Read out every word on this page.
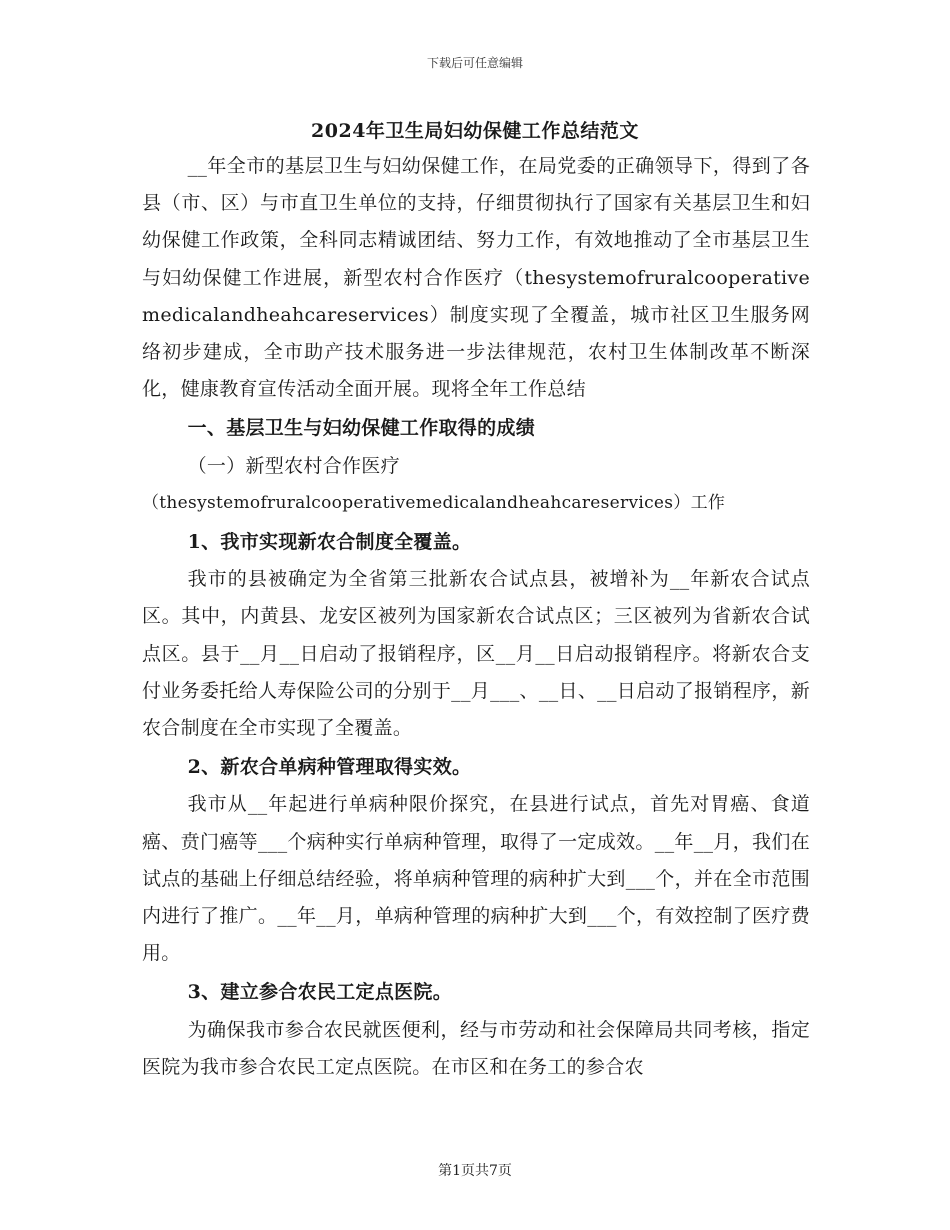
下载后可任意编辑
2024年卫生局妇幼保健工作总结范文

__年全市的基层卫生与妇幼保健工作，在局党委的正确领导下，得到了各县（市、区）与市直卫生单位的支持，仔细贯彻执行了国家有关基层卫生和妇幼保健工作政策，全科同志精诚团结、努力工作，有效地推动了全市基层卫生与妇幼保健工作进展，新型农村合作医疗（thesystemofruralcooperativemedicalandheahcareservices）制度实现了全覆盖，城市社区卫生服务网络初步建成，全市助产技术服务进一步法律规范，农村卫生体制改革不断深化，健康教育宣传活动全面开展。现将全年工作总结

一、基层卫生与妇幼保健工作取得的成绩

（一）新型农村合作医疗

（thesystemofruralcooperativemedicalandheahcareservices）工作

1、我市实现新农合制度全覆盖。

我市的县被确定为全省第三批新农合试点县，被增补为__年新农合试点区。其中，内黄县、龙安区被列为国家新农合试点区；三区被列为省新农合试点区。县于__月__日启动了报销程序，区__月__日启动报销程序。将新农合支付业务委托给人寿保险公司的分别于__月___、__日、__日启动了报销程序，新农合制度在全市实现了全覆盖。

2、新农合单病种管理取得实效。

我市从__年起进行单病种限价探究，在县进行试点，首先对胃癌、食道癌、贲门癌等___个病种实行单病种管理，取得了一定成效。__年__月，我们在试点的基础上仔细总结经验，将单病种管理的病种扩大到___个，并在全市范围内进行了推广。__年__月，单病种管理的病种扩大到___个，有效控制了医疗费用。

3、建立参合农民工定点医院。

为确保我市参合农民就医便利，经与市劳动和社会保障局共同考核，指定医院为我市参合农民工定点医院。在市区和在务工的参合农

第1页共7页
